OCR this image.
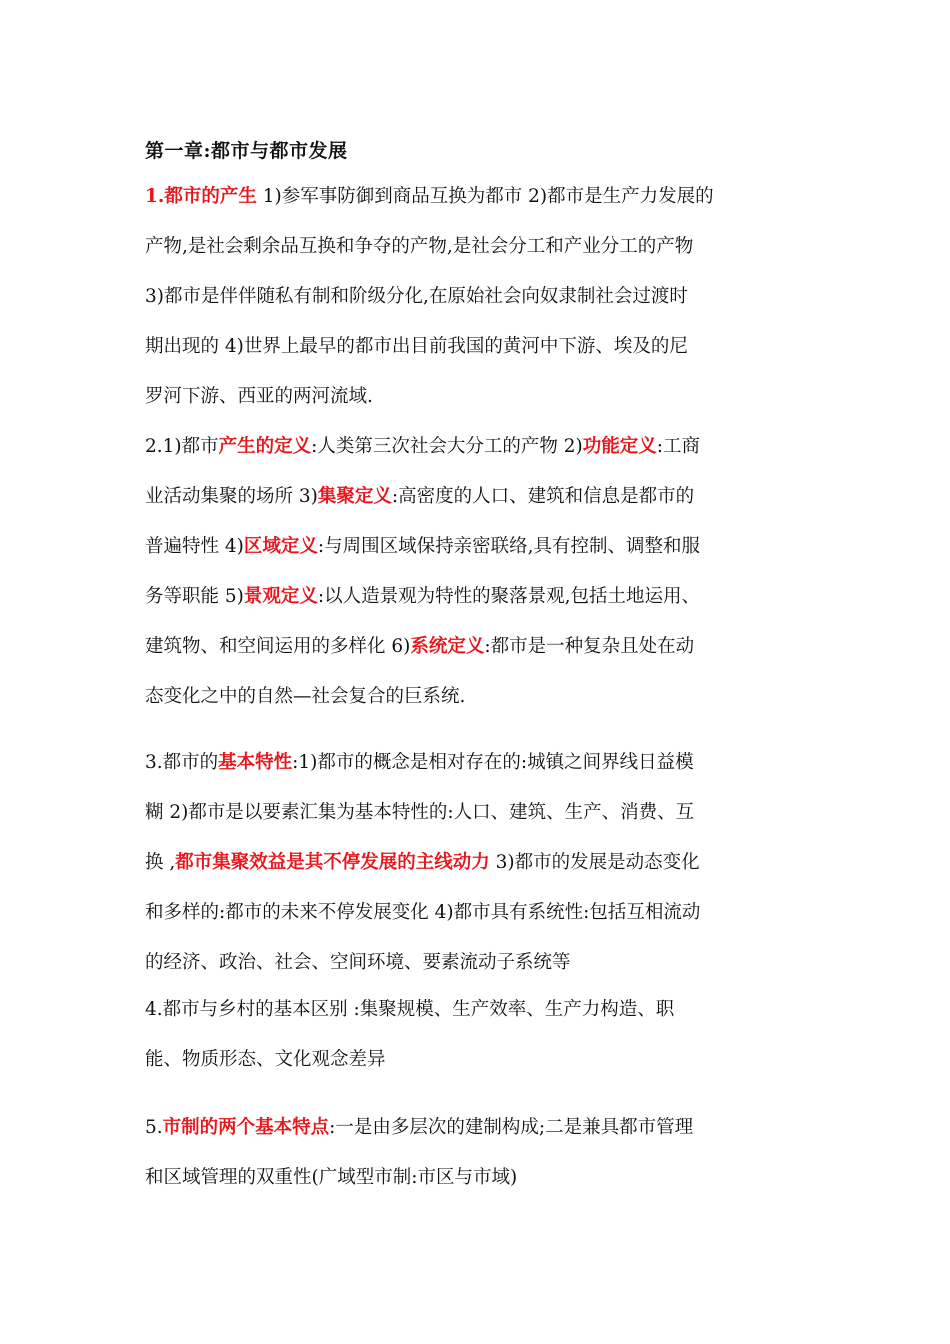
第一章:都市与都市发展
1.都市的产生 1)参军事防御到商品互换为都市 2)都市是生产力发展的
产物,是社会剩余品互换和争夺的产物,是社会分工和产业分工的产物
3)都市是伴伴随私有制和阶级分化,在原始社会向奴隶制社会过渡时
期出现的 4)世界上最早的都市出目前我国的黄河中下游、埃及的尼
罗河下游、西亚的两河流域.
2.1)都市产生的定义:人类第三次社会大分工的产物 2)功能定义:工商
业活动集聚的场所 3)集聚定义:高密度的人口、建筑和信息是都市的
普遍特性 4)区域定义:与周围区域保持亲密联络,具有控制、调整和服
务等职能 5)景观定义:以人造景观为特性的聚落景观,包括土地运用、
建筑物、和空间运用的多样化 6)系统定义:都市是一种复杂且处在动
态变化之中的自然—社会复合的巨系统.
3.都市的基本特性:1)都市的概念是相对存在的:城镇之间界线日益模
糊 2)都市是以要素汇集为基本特性的:人口、建筑、生产、消费、互
换 ,都市集聚效益是其不停发展的主线动力 3)都市的发展是动态变化
和多样的:都市的未来不停发展变化 4)都市具有系统性:包括互相流动
的经济、政治、社会、空间环境、要素流动子系统等
4.都市与乡村的基本区别 :集聚规模、生产效率、生产力构造、职
能、物质形态、文化观念差异
5.市制的两个基本特点:一是由多层次的建制构成;二是兼具都市管理
和区域管理的双重性(广域型市制:市区与市域)
